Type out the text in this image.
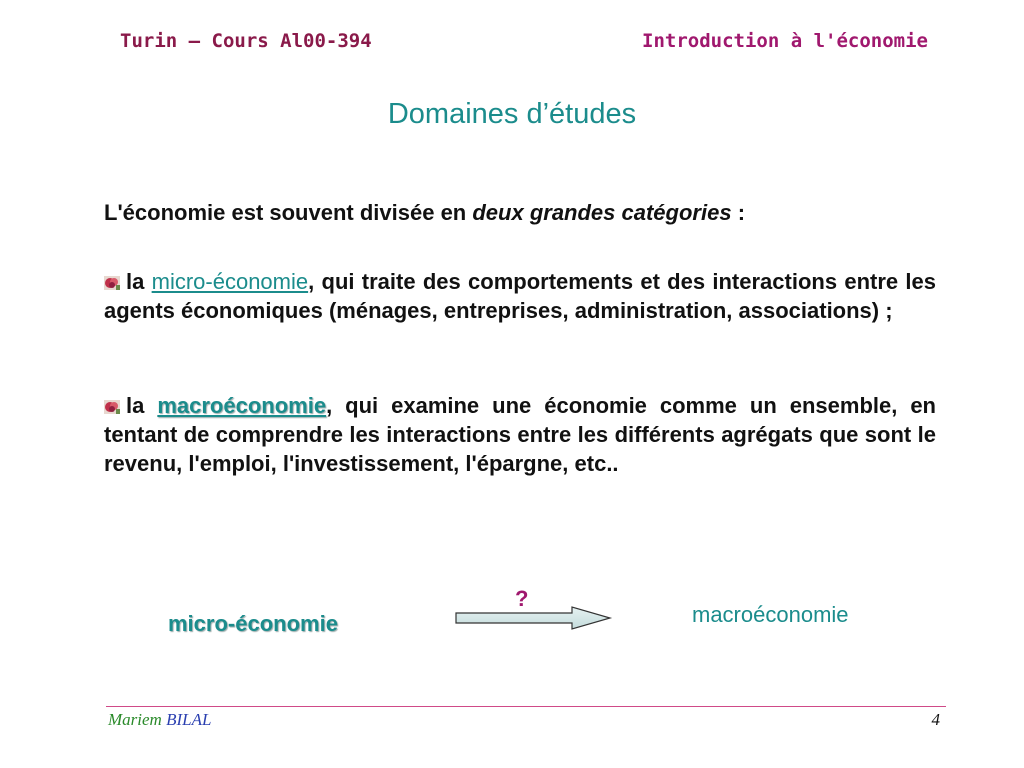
Turin – Cours Al00-394	Introduction à l'économie
Domaines d’études
L'économie est souvent divisée en deux grandes catégories :
la micro-économie, qui traite des comportements et des interactions entre les agents économiques (ménages, entreprises, administration, associations) ;
la macroéconomie, qui examine une économie comme un ensemble, en tentant de comprendre les interactions entre les différents agrégats que sont le revenu, l'emploi, l'investissement, l'épargne, etc..
micro-économie
?
macroéconomie
Mariem BILAL	4
